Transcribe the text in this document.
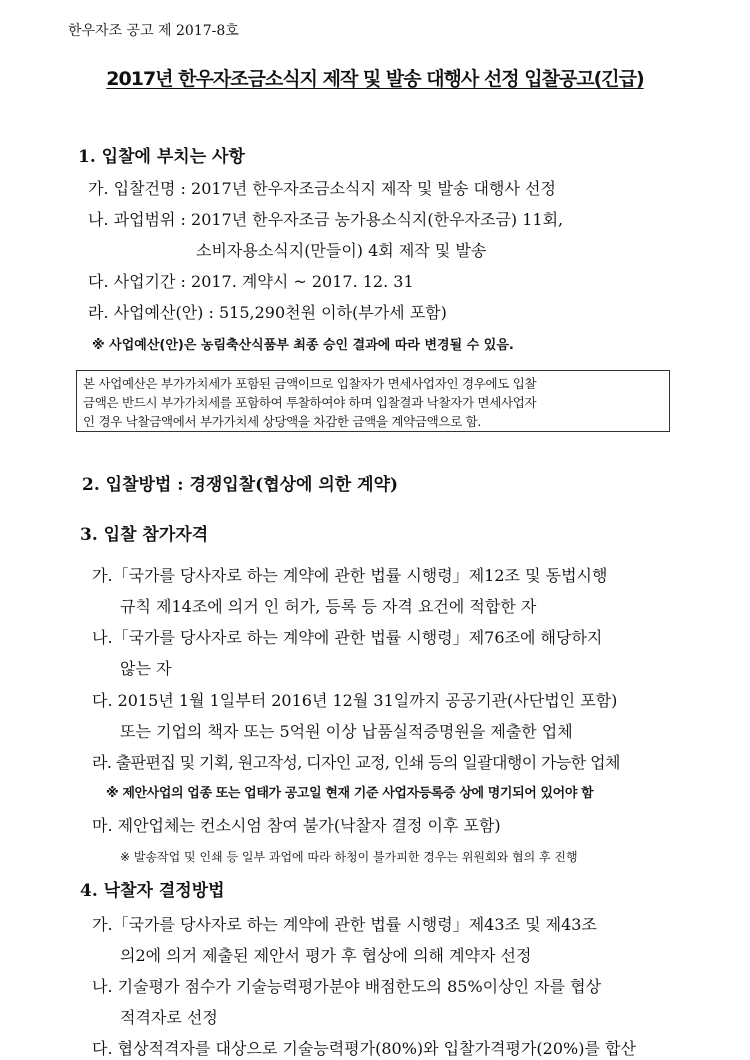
한우자조 공고 제 2017-8호
2017년 한우자조금소식지 제작 및 발송 대행사 선정 입찰공고(긴급)
1. 입찰에 부치는 사항
가. 입찰건명 : 2017년 한우자조금소식지 제작 및 발송 대행사 선정
나. 과업범위 : 2017년 한우자조금 농가용소식지(한우자조금) 11회,
소비자용소식지(만들이) 4회 제작 및 발송
다. 사업기간 : 2017. 계약시 ~ 2017. 12. 31
라. 사업예산(안) : 515,290천원 이하(부가세 포함)
※ 사업예산(안)은 농림축산식품부 최종 승인 결과에 따라 변경될 수 있음.
본 사업예산은 부가가치세가 포함된 금액이므로 입찰자가 면세사업자인 경우에도 입찰
금액은 반드시 부가가치세를 포함하여 투찰하여야 하며 입찰결과 낙찰자가 면세사업자
인 경우 낙찰금액에서 부가가치세 상당액을 차감한 금액을 계약금액으로 함.
2. 입찰방법 : 경쟁입찰(협상에 의한 계약)
3. 입찰 참가자격
가.「국가를 당사자로 하는 계약에 관한 법률 시행령」제12조 및 동법시행
규칙 제14조에 의거 인 허가, 등록 등 자격 요건에 적합한 자
나.「국가를 당사자로 하는 계약에 관한 법률 시행령」제76조에 해당하지
않는 자
다. 2015년 1월 1일부터 2016년 12월 31일까지 공공기관(사단법인 포함)
또는 기업의 책자 또는 5억원 이상 납품실적증명원을 제출한 업체
라. 출판편집 및 기획, 원고작성, 디자인 교정, 인쇄 등의 일괄대행이 가능한 업체
※ 제안사업의 업종 또는 업태가 공고일 현재 기준 사업자등록증 상에 명기되어 있어야 함
마. 제안업체는 컨소시엄 참여 불가(낙찰자 결정 이후 포함)
※ 발송작업 및 인쇄 등 일부 과업에 따라 하청이 불가피한 경우는 위원회와 협의 후 진행
4. 낙찰자 결정방법
가.「국가를 당사자로 하는 계약에 관한 법률 시행령」제43조 및 제43조
의2에 의거 제출된 제안서 평가 후 협상에 의해 계약자 선정
나. 기술평가 점수가 기술능력평가분야 배점한도의 85%이상인 자를 협상
적격자로 선정
다. 협상적격자를 대상으로 기술능력평가(80%)와 입찰가격평가(20%)를 합산
